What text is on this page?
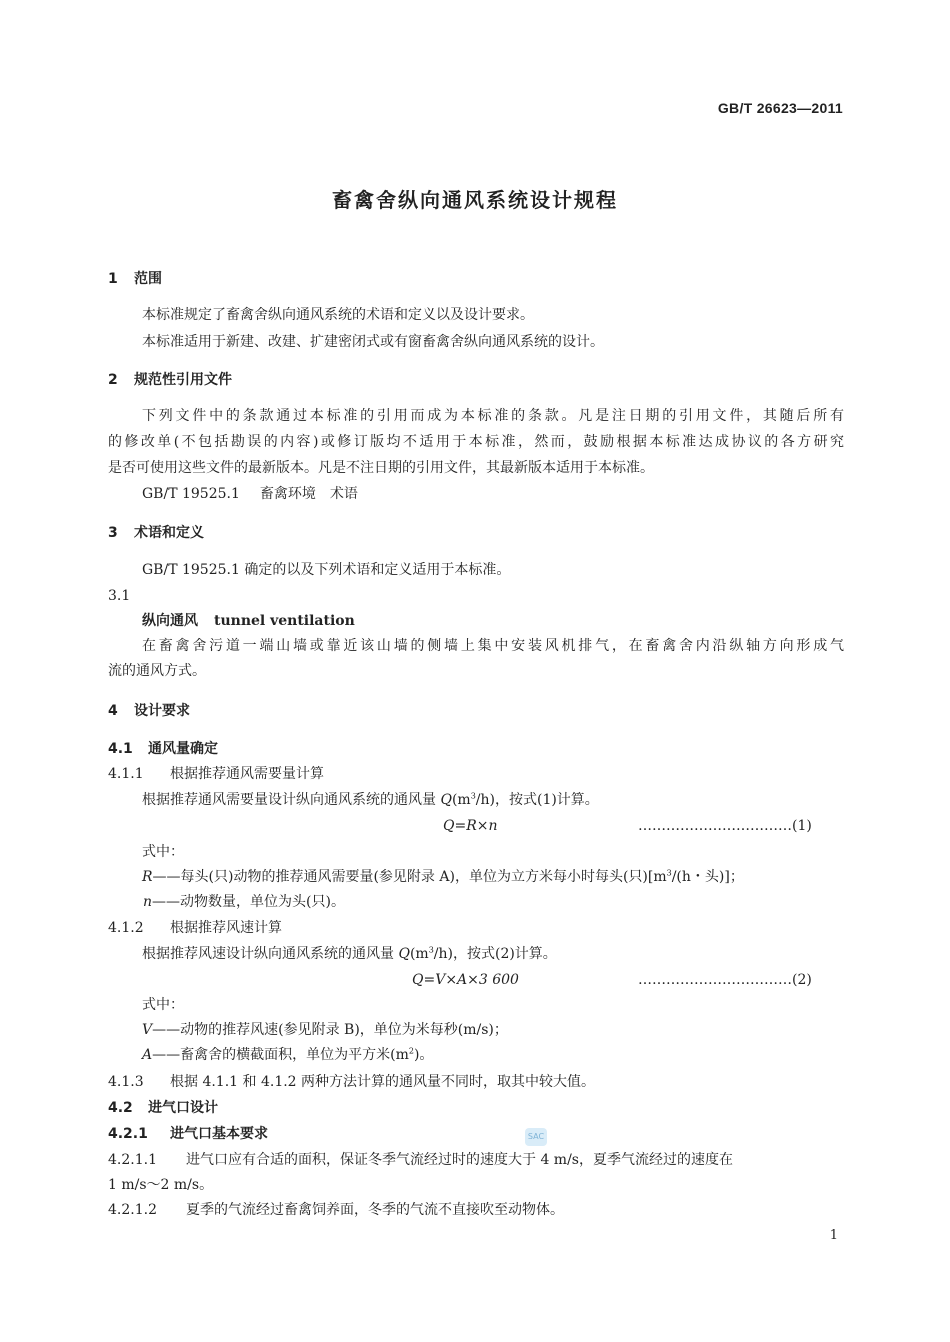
GB/T 26623—2011
畜禽舍纵向通风系统设计规程
1 范围
本标准规定了畜禽舍纵向通风系统的术语和定义以及设计要求。
本标准适用于新建、改建、扩建密闭式或有窗畜禽舍纵向通风系统的设计。
2 规范性引用文件
下列文件中的条款通过本标准的引用而成为本标准的条款。凡是注日期的引用文件，其随后所有
的修改单(不包括勘误的内容)或修订版均不适用于本标准，然而，鼓励根据本标准达成协议的各方研究
是否可使用这些文件的最新版本。凡是不注日期的引用文件，其最新版本适用于本标准。
GB/T 19525.1 畜禽环境　术语
3 术语和定义
GB/T 19525.1 确定的以及下列术语和定义适用于本标准。
3.1
纵向通风 tunnel ventilation
在畜禽舍污道一端山墙或靠近该山墙的侧墙上集中安装风机排气，在畜禽舍内沿纵轴方向形成气
流的通风方式。
4 设计要求
4.1 通风量确定
4.1.1 根据推荐通风需要量计算
根据推荐通风需要量设计纵向通风系统的通风量 $Q(m^3/h)$，按式(1)计算。
Q=R×n	……………………………(1)
式中：
R——每头(只)动物的推荐通风需要量(参见附录 A)，单位为立方米每小时每头(只)[$m^3/(h$・头)]；
n——动物数量，单位为头(只)。
4.1.2 根据推荐风速计算
根据推荐风速设计纵向通风系统的通风量 $Q(m^3/h)$，按式(2)计算。
Q=V×A×3 600	……………………………(2)
式中：
V——动物的推荐风速(参见附录 B)，单位为米每秒(m/s)；
A——畜禽舍的横截面积，单位为平方米$(m^2)$。
4.1.3 根据 4.1.1 和 4.1.2 两种方法计算的通风量不同时，取其中较大值。
4.2 进气口设计
4.2.1 进气口基本要求
4.2.1.1 进气口应有合适的面积，保证冬季气流经过时的速度大于 4 m/s，夏季气流经过的速度在
1 m/s～2 m/s。
4.2.1.2 夏季的气流经过畜禽饲养面，冬季的气流不直接吹至动物体。
SAC
1
